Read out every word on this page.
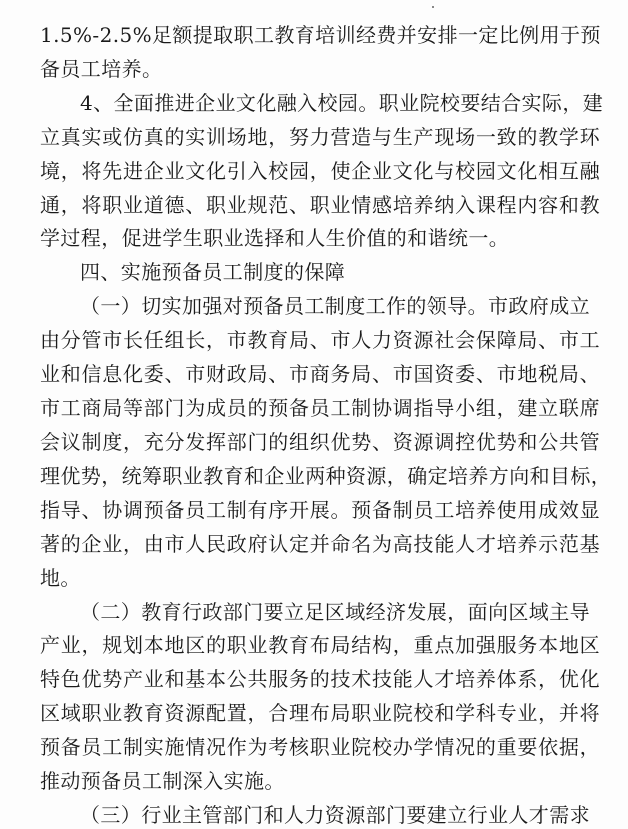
1.5%-2.5%足额提取职工教育培训经费并安排一定比例用于预
备员工培养。
4、全面推进企业文化融入校园。职业院校要结合实际，建
立真实或仿真的实训场地，努力营造与生产现场一致的教学环
境，将先进企业文化引入校园，使企业文化与校园文化相互融
通，将职业道德、职业规范、职业情感培养纳入课程内容和教
学过程，促进学生职业选择和人生价值的和谐统一。
四、实施预备员工制度的保障
（一）切实加强对预备员工制度工作的领导。市政府成立
由分管市长任组长，市教育局、市人力资源社会保障局、市工
业和信息化委、市财政局、市商务局、市国资委、市地税局、
市工商局等部门为成员的预备员工制协调指导小组，建立联席
会议制度，充分发挥部门的组织优势、资源调控优势和公共管
理优势，统筹职业教育和企业两种资源，确定培养方向和目标，
指导、协调预备员工制有序开展。预备制员工培养使用成效显
著的企业，由市人民政府认定并命名为高技能人才培养示范基
地。
（二）教育行政部门要立足区域经济发展，面向区域主导
产业，规划本地区的职业教育布局结构，重点加强服务本地区
特色优势产业和基本公共服务的技术技能人才培养体系，优化
区域职业教育资源配置，合理布局职业院校和学科专业，并将
预备员工制实施情况作为考核职业院校办学情况的重要依据，
推动预备员工制深入实施。
（三）行业主管部门和人力资源部门要建立行业人才需求
